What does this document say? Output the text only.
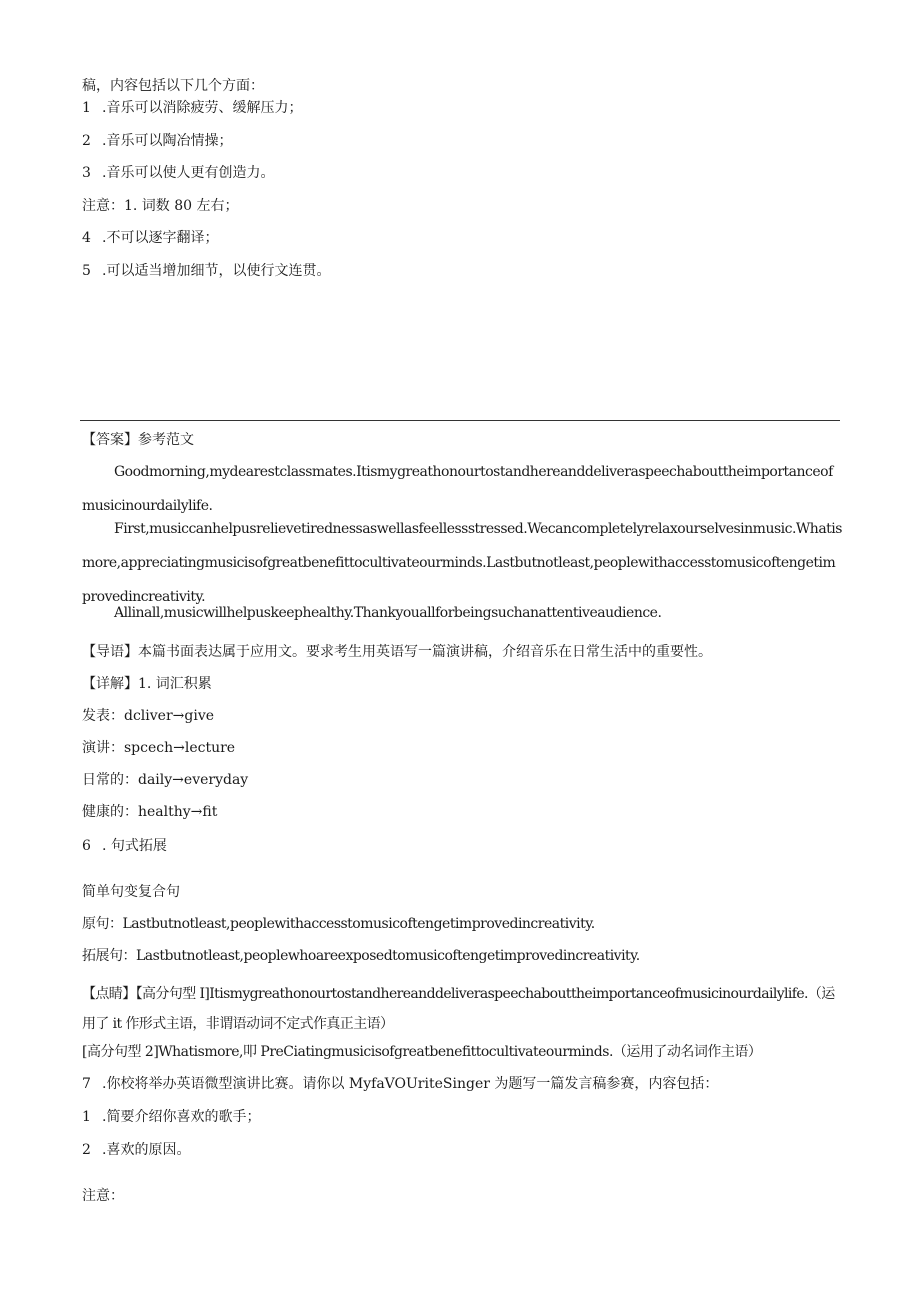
稿，内容包括以下几个方面：
1 .音乐可以消除疲劳、缓解压力；
2 .音乐可以陶冶情操；
3 .音乐可以使人更有创造力。
注意：1. 词数 80 左右；
4 .不可以逐字翻译；
5 .可以适当增加细节，以使行文连贯。
【答案】参考范文
Goodmorning,mydearestclassmates.Itismygreathonourtostandhereanddeliveraspeechabouttheimportanceofmusicinourdailylife.
First,musiccanhelpusrelievetirednessaswellasfeellessstressed.Wecancompletelyrelaxourselvesinmusic.Whatismore,appreciatingmusicisofgreatbenefittocultivateourminds.Lastbutnotleast,peoplewithaccesstomusicoftengetimprovedincreativity.
Allinall,musicwillhelpuskeephealthy.Thankyouallforbeingsuchanattentiveaudience.
【导语】本篇书面表达属于应用文。要求考生用英语写一篇演讲稿，介绍音乐在日常生活中的重要性。
【详解】1. 词汇积累
发表：dcliver→give
演讲：spcech→lecture
日常的：daily→everyday
健康的：healthy→fit
6 . 句式拓展
简单句变复合句
原句：Lastbutnotleast,peoplewithaccesstomusicoftengetimprovedincreativity.
拓展句：Lastbutnotleast,peoplewhoareexposedtomusicoftengetimprovedincreativity.
【点睛】【高分句型 I]Itismygreathonourtostandhereanddeliveraspeechabouttheimportanceofmusicinourdailylife.（运用了 it 作形式主语，非谓语动词不定式作真正主语）
[高分句型 2]Whatismore,叩 PreCiatingmusicisofgreatbenefittocultivateourminds.（运用了动名词作主语）
7 .你校将举办英语微型演讲比赛。请你以 MyfaVOUriteSinger 为题写一篇发言稿参赛，内容包括：
1 .简要介绍你喜欢的歌手；
2 .喜欢的原因。
注意：
